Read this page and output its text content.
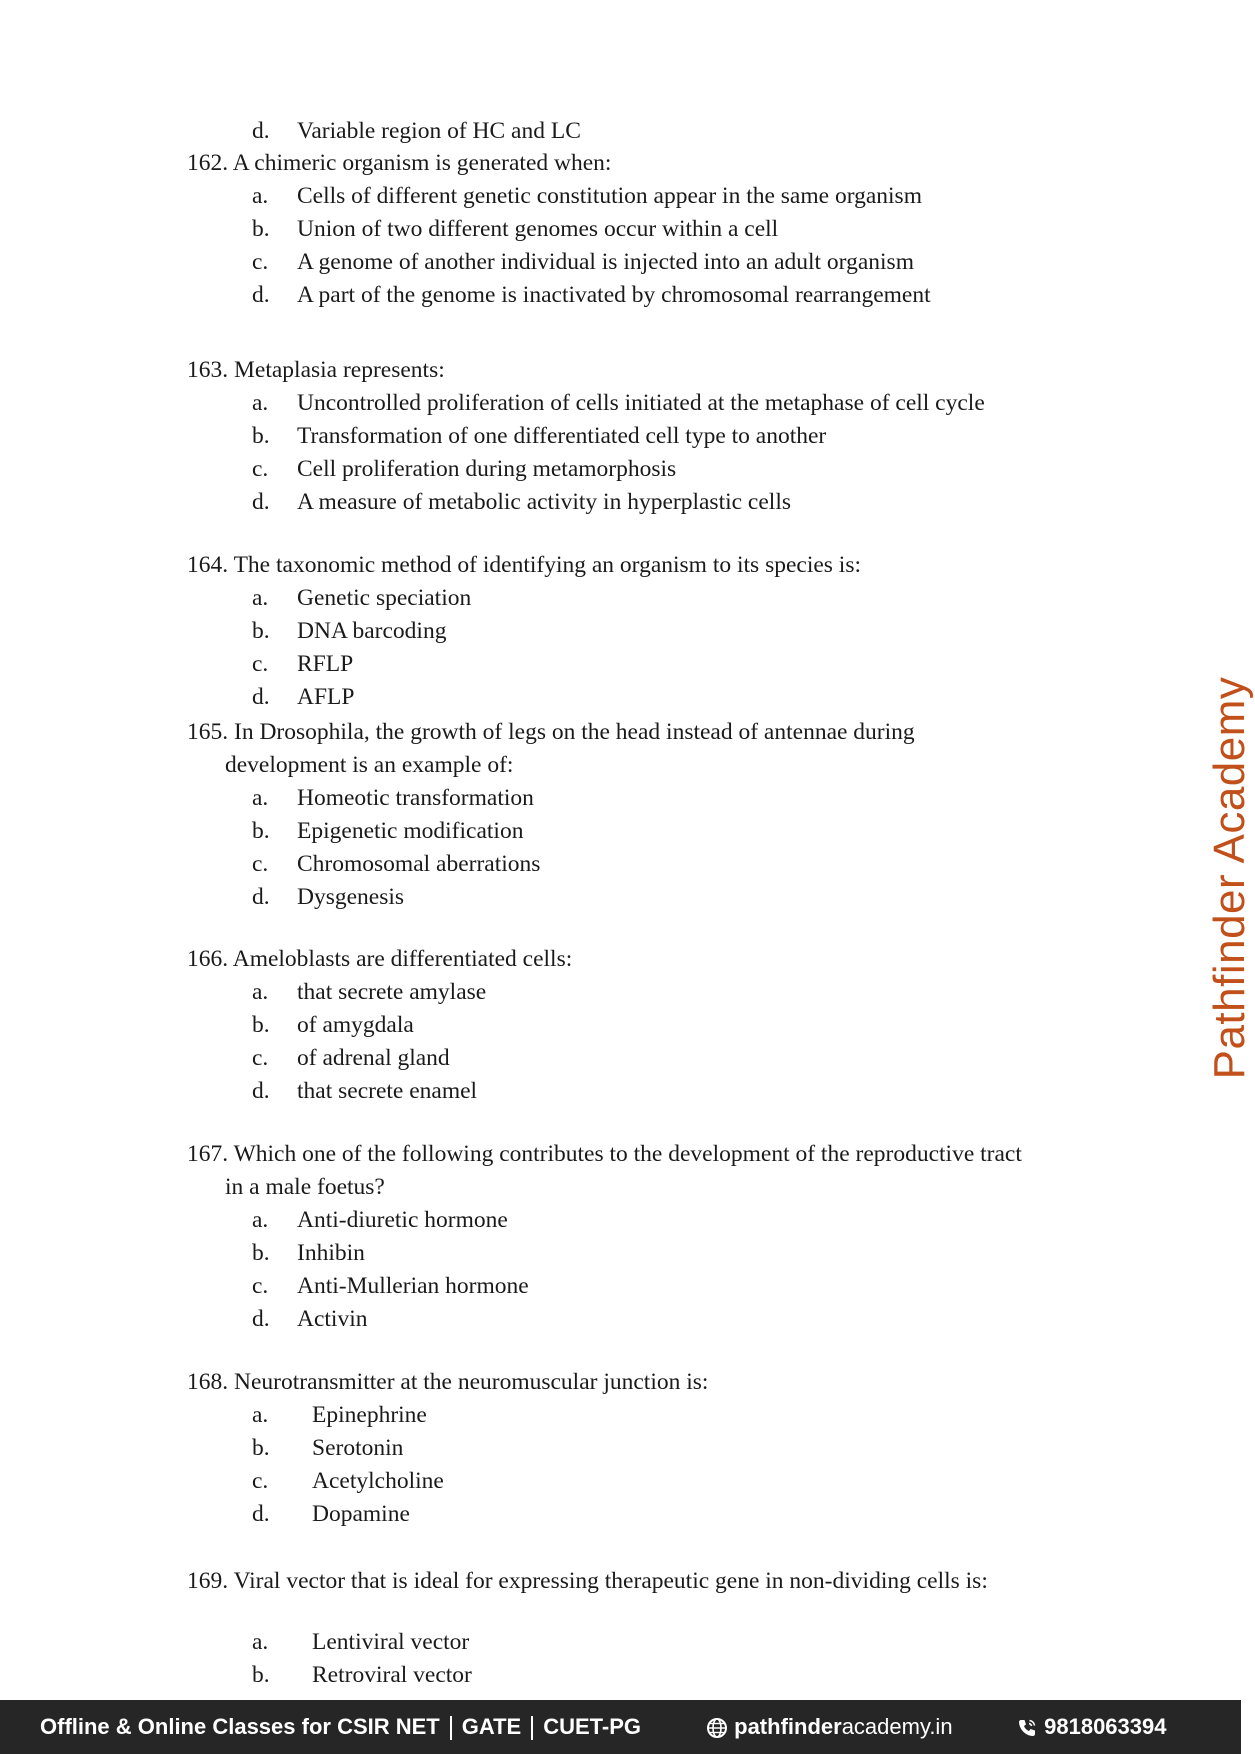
d. Variable region of HC and LC
162. A chimeric organism is generated when:
a. Cells of different genetic constitution appear in the same organism
b. Union of two different genomes occur within a cell
c. A genome of another individual is injected into an adult organism
d. A part of the genome is inactivated by chromosomal rearrangement
163. Metaplasia represents:
a. Uncontrolled proliferation of cells initiated at the metaphase of cell cycle
b. Transformation of one differentiated cell type to another
c. Cell proliferation during metamorphosis
d. A measure of metabolic activity in hyperplastic cells
164. The taxonomic method of identifying an organism to its species is:
a. Genetic speciation
b. DNA barcoding
c. RFLP
d. AFLP
165. In Drosophila, the growth of legs on the head instead of antennae during
development is an example of:
a. Homeotic transformation
b. Epigenetic modification
c. Chromosomal aberrations
d. Dysgenesis
166. Ameloblasts are differentiated cells:
a. that secrete amylase
b. of amygdala
c. of adrenal gland
d. that secrete enamel
167. Which one of the following contributes to the development of the reproductive tract
in a male foetus?
a. Anti-diuretic hormone
b. Inhibin
c. Anti-Mullerian hormone
d. Activin
168. Neurotransmitter at the neuromuscular junction is:
a. Epinephrine
b. Serotonin
c. Acetylcholine
d. Dopamine
169. Viral vector that is ideal for expressing therapeutic gene in non-dividing cells is:
a. Lentiviral vector
b. Retroviral vector
Pathfinder Academy
Offline & Online Classes for CSIR NET GATE CUET-PG	pathfinderacademy.in	9818063394
